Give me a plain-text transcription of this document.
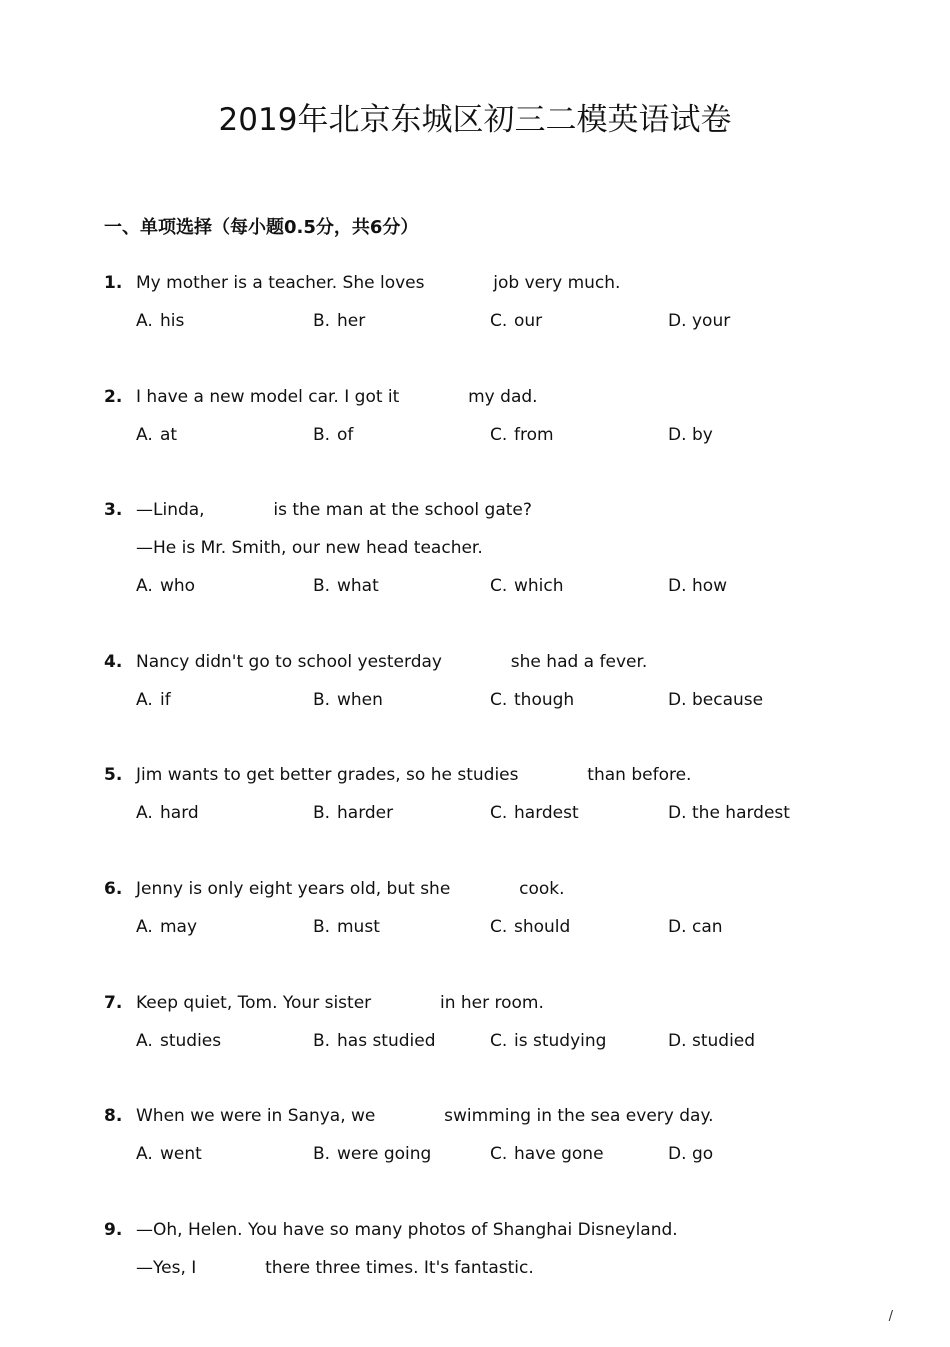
2019年北京东城区初三二模英语试卷
一、单项选择（每小题0.5分，共6分）
1. My mother is a teacher. She loves	job very much.
A. his	B. her	C. our	D. your
2. I have a new model car. I got it	my dad.
A. at	B. of	C. from	D. by
3. —Linda,	is the man at the school gate?
—He is Mr. Smith, our new head teacher.
A. who	B. what	C. which	D. how
4. Nancy didn't go to school yesterday	she had a fever.
A. if	B. when	C. though	D. because
5. Jim wants to get better grades, so he studies	than before.
A. hard	B. harder	C. hardest	D. the hardest
6. Jenny is only eight years old, but she	cook.
A. may	B. must	C. should	D. can
7. Keep quiet, Tom. Your sister	in her room.
A. studies	B. has studied	C. is studying	D. studied
8. When we were in Sanya, we	swimming in the sea every day.
A. went	B. were going	C. have gone	D. go
9. —Oh, Helen. You have so many photos of Shanghai Disneyland.
—Yes, I	there three times. It's fantastic.
/
